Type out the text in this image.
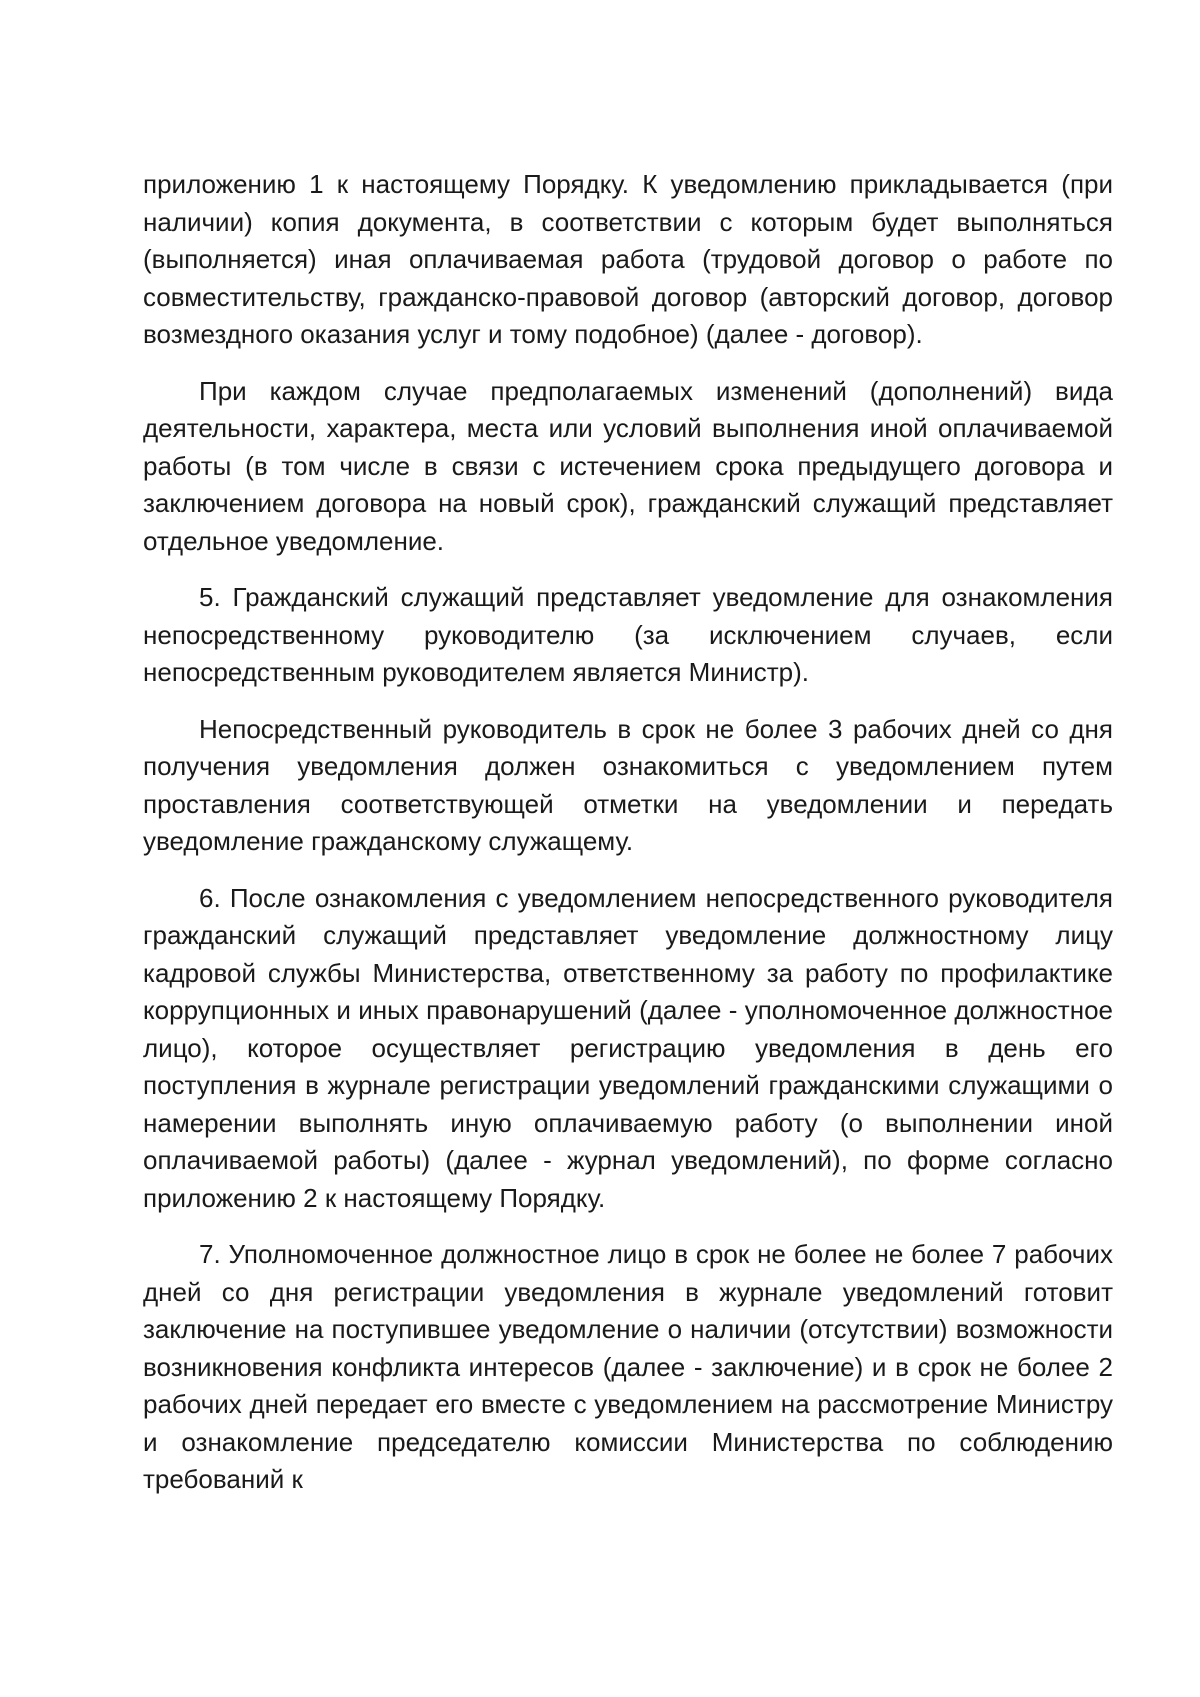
приложению 1 к настоящему Порядку. К уведомлению прикладывается (при наличии) копия документа, в соответствии с которым будет выполняться (выполняется) иная оплачиваемая работа (трудовой договор о работе по совместительству, гражданско-правовой договор (авторский договор, договор возмездного оказания услуг и тому подобное) (далее - договор).

При каждом случае предполагаемых изменений (дополнений) вида деятельности, характера, места или условий выполнения иной оплачиваемой работы (в том числе в связи с истечением срока предыдущего договора и заключением договора на новый срок), гражданский служащий представляет отдельное уведомление.

5. Гражданский служащий представляет уведомление для ознакомления непосредственному руководителю (за исключением случаев, если непосредственным руководителем является Министр).

Непосредственный руководитель в срок не более 3 рабочих дней со дня получения уведомления должен ознакомиться с уведомлением путем проставления соответствующей отметки на уведомлении и передать уведомление гражданскому служащему.

6. После ознакомления с уведомлением непосредственного руководителя гражданский служащий представляет уведомление должностному лицу кадровой службы Министерства, ответственному за работу по профилактике коррупционных и иных правонарушений (далее - уполномоченное должностное лицо), которое осуществляет регистрацию уведомления в день его поступления в журнале регистрации уведомлений гражданскими служащими о намерении выполнять иную оплачиваемую работу (о выполнении иной оплачиваемой работы) (далее - журнал уведомлений), по форме согласно приложению 2 к настоящему Порядку.

7. Уполномоченное должностное лицо в срок не более не более 7 рабочих дней со дня регистрации уведомления в журнале уведомлений готовит заключение на поступившее уведомление о наличии (отсутствии) возможности возникновения конфликта интересов (далее - заключение) и в срок не более 2 рабочих дней передает его вместе с уведомлением на рассмотрение Министру и ознакомление председателю комиссии Министерства по соблюдению требований к
